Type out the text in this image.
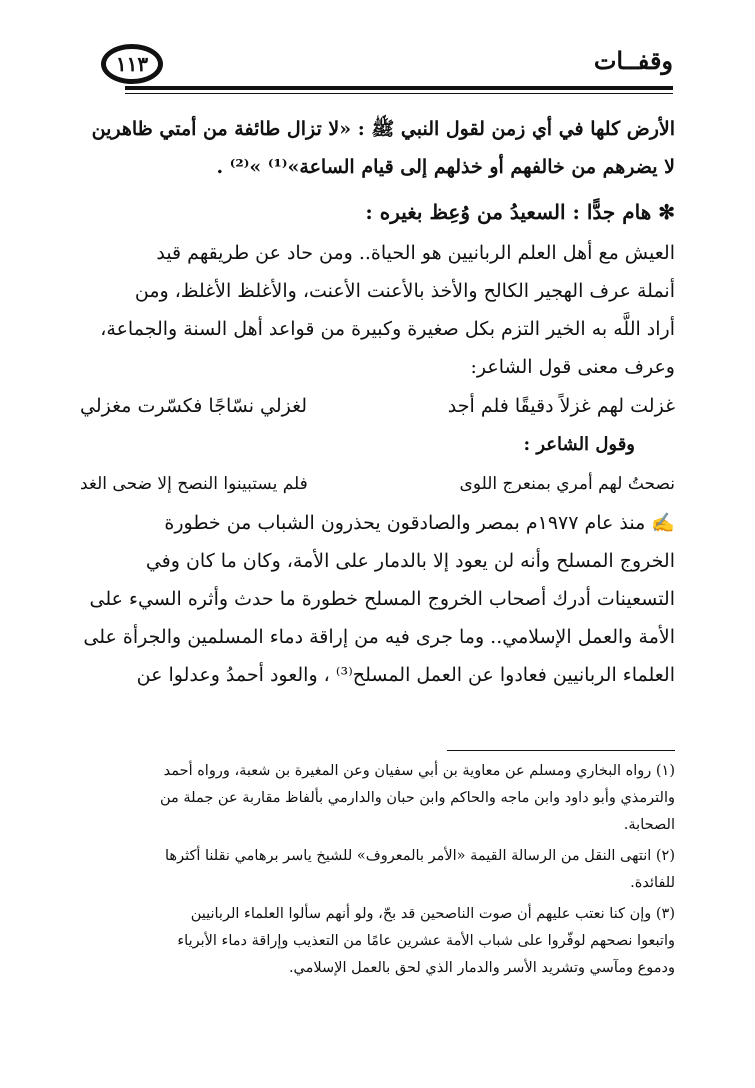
١١٣	وقفــات
الأرض كلها في أي زمن لقول النبي ﷺ : «لا تزال طائفة من أمتي ظاهرين
لا يضرهم من خالفهم أو خذلهم إلى قيام الساعة»⁽¹⁾ »⁽²⁾ .
✻ هام جدًّا : السعيدُ من وُعِظ بغيره :
العيش مع أهل العلم الربانيين هو الحياة.. ومن حاد عن طريقهم قيد
أنملة عرف الهجير الكالح والأخذ بالأعنت الأعنت، والأغلظ الأغلظ، ومن
أراد اللَّه به الخير التزم بكل صغيرة وكبيرة من قواعد أهل السنة والجماعة،
وعرف معنى قول الشاعر:
غزلت لهم غزلاً دقيقًا فلم أجد
لغزلي نسّاجًا فكسّرت مغزلي
وقول الشاعر :
نصحتُ لهم أمري بمنعرج اللوى
فلم يستبينوا النصح إلا ضحى الغد
✍ منذ عام ١٩٧٧م بمصر والصادقون يحذرون الشباب من خطورة
الخروج المسلح وأنه لن يعود إلا بالدمار على الأمة، وكان ما كان وفي
التسعينات أدرك أصحاب الخروج المسلح خطورة ما حدث وأثره السيء على
الأمة والعمل الإسلامي.. وما جرى فيه من إراقة دماء المسلمين والجرأة على
العلماء الربانيين فعادوا عن العمل المسلح⁽³⁾ ، والعود أحمدُ وعدلوا عن
(١) رواه البخاري ومسلم عن معاوية بن أبي سفيان وعن المغيرة بن شعبة، ورواه أحمد
والترمذي وأبو داود وابن ماجه والحاكم وابن حبان والدارمي بألفاظ مقاربة عن جملة من
الصحابة.
(٢) انتهى النقل من الرسالة القيمة «الأمر بالمعروف» للشيخ ياسر برهامي نقلنا أكثرها
للفائدة.
(٣) وإن كنا نعتب عليهم أن صوت الناصحين قد بحّ، ولو أنهم سألوا العلماء الربانيين
واتبعوا نصحهم لوفّروا على شباب الأمة عشرين عامًا من التعذيب وإراقة دماء الأبرياء
ودموع ومآسي وتشريد الأسر والدمار الذي لحق بالعمل الإسلامي.
